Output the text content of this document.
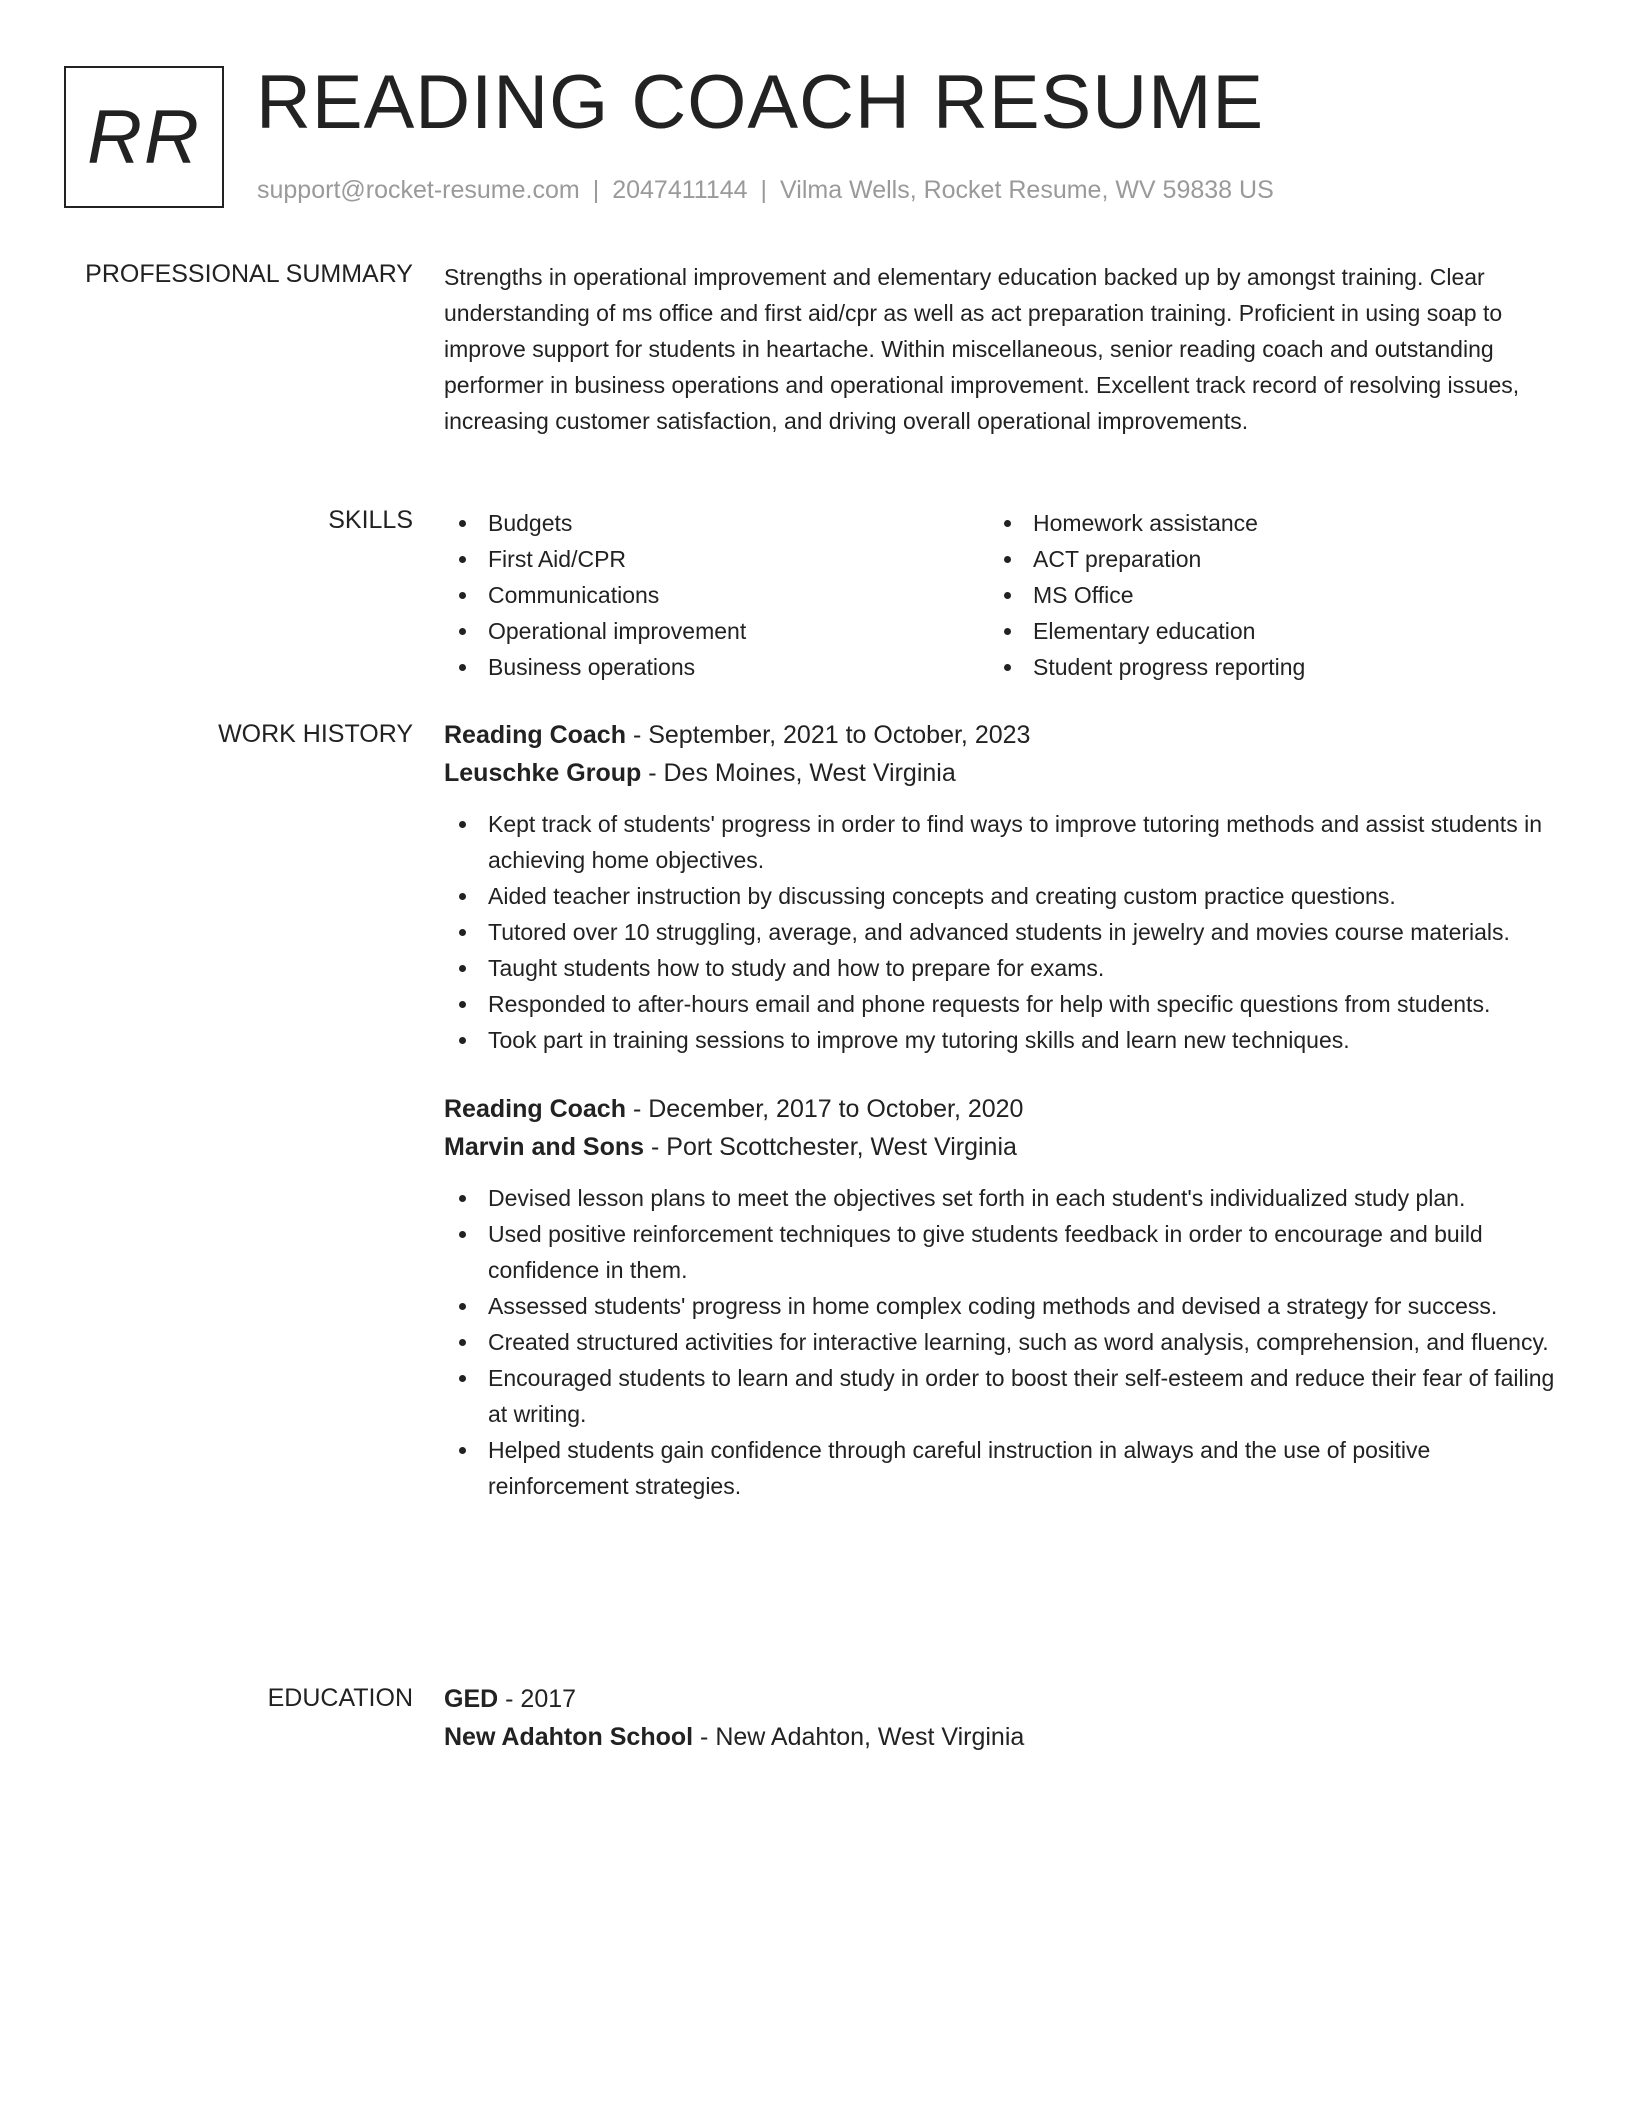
RR READING COACH RESUME
support@rocket-resume.com | 2047411144 | Vilma Wells, Rocket Resume, WV 59838 US
PROFESSIONAL SUMMARY Strengths in operational improvement and elementary education backed up by amongst training. Clear understanding of ms office and first aid/cpr as well as act preparation training. Proficient in using soap to improve support for students in heartache. Within miscellaneous, senior reading coach and outstanding performer in business operations and operational improvement. Excellent track record of resolving issues, increasing customer satisfaction, and driving overall operational improvements.

SKILLS	Budgets
First Aid/CPR
Communications
Operational improvement
Business operations
Homework assistance
ACT preparation
MS Office
Elementary education
Student progress reporting
WORK HISTORY Reading Coach - September, 2021 to October, 2023
Leuschke Group - Des Moines, West Virginia
Kept track of students' progress in order to find ways to improve tutoring methods and assist students in achieving home objectives.
Aided teacher instruction by discussing concepts and creating custom practice questions.
Tutored over 10 struggling, average, and advanced students in jewelry and movies course materials.
Taught students how to study and how to prepare for exams.
Responded to after-hours email and phone requests for help with specific questions from students.
Took part in training sessions to improve my tutoring skills and learn new techniques.
Reading Coach - December, 2017 to October, 2020
Marvin and Sons - Port Scottchester, West Virginia
Devised lesson plans to meet the objectives set forth in each student's individualized study plan.
Used positive reinforcement techniques to give students feedback in order to encourage and build confidence in them.
Assessed students' progress in home complex coding methods and devised a strategy for success.
Created structured activities for interactive learning, such as word analysis, comprehension, and fluency.
Encouraged students to learn and study in order to boost their self-esteem and reduce their fear of failing at writing.
Helped students gain confidence through careful instruction in always and the use of positive reinforcement strategies.
EDUCATION GED - 2017
New Adahton School - New Adahton, West Virginia
